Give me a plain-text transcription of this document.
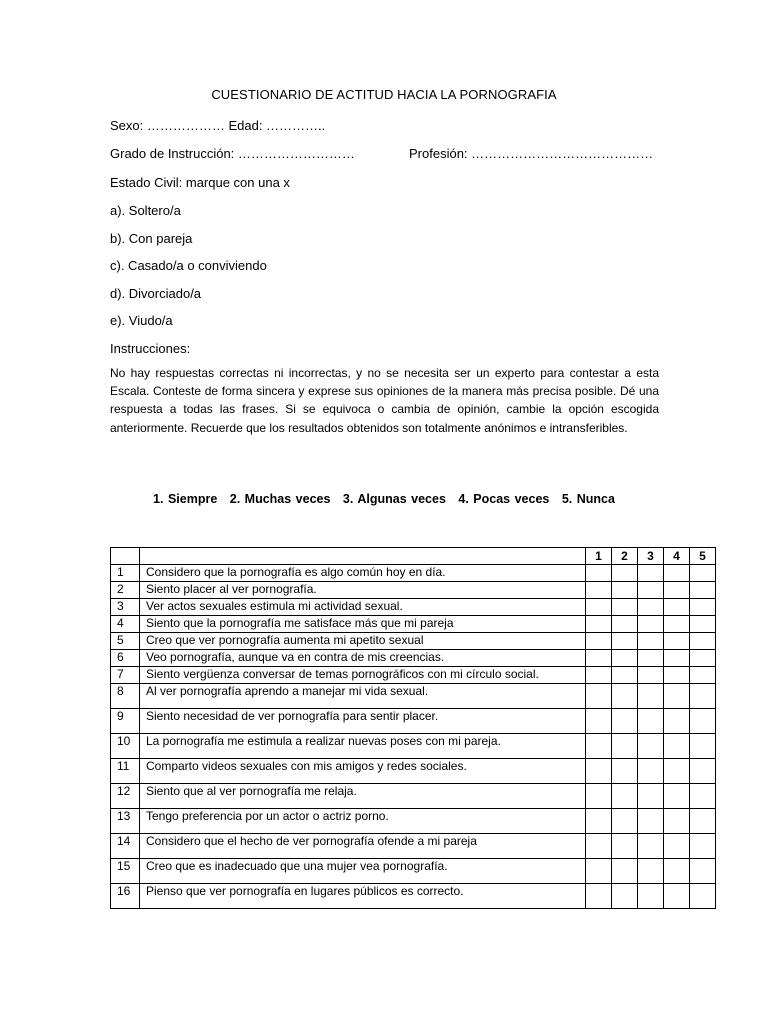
CUESTIONARIO DE ACTITUD HACIA LA PORNOGRAFIA
Sexo: ……………… Edad: …………..
Grado de Instrucción: ………………………	Profesión: ……………………………………
Estado Civil: marque con una x
a). Soltero/a
b). Con pareja
c). Casado/a o conviviendo
d). Divorciado/a
e). Viudo/a
Instrucciones:
No hay respuestas correctas ni incorrectas, y no se necesita ser un experto para contestar a esta Escala. Conteste de forma sincera y exprese sus opiniones de la manera más precisa posible. Dé una respuesta a todas las frases. Si se equivoca o cambia de opinión, cambie la opción escogida anteriormente. Recuerde que los resultados obtenidos son totalmente anónimos e intransferibles.
1. Siempre 2. Muchas veces 3. Algunas veces 4. Pocas veces 5. Nunca
		1	2	3	4	5
1	Considero que la pornografía es algo común hoy en día.					
2	Siento placer al ver pornografía.					
3	Ver actos sexuales estimula mi actividad sexual.					
4	Siento que la pornografía me satisface más que mi pareja					
5	Creo que ver pornografía aumenta mi apetito sexual					
6	Veo pornografía, aunque va en contra de mis creencias.					
7	Siento vergüenza conversar de temas pornográficos con mi círculo social.					
8	Al ver pornografía aprendo a manejar mi vida sexual.					
9	Siento necesidad de ver pornografía para sentir placer.					
10	La pornografía me estimula a realizar nuevas poses con mi pareja.					
11	Comparto videos sexuales con mis amigos y redes sociales.					
12	Siento que al ver pornografía me relaja.					
13	Tengo preferencia por un actor o actriz porno.					
14	Considero que el hecho de ver pornografía ofende a mi pareja					
15	Creo que es inadecuado que una mujer vea pornografía.					
16	Pienso que ver pornografía en lugares públicos es correcto.					
